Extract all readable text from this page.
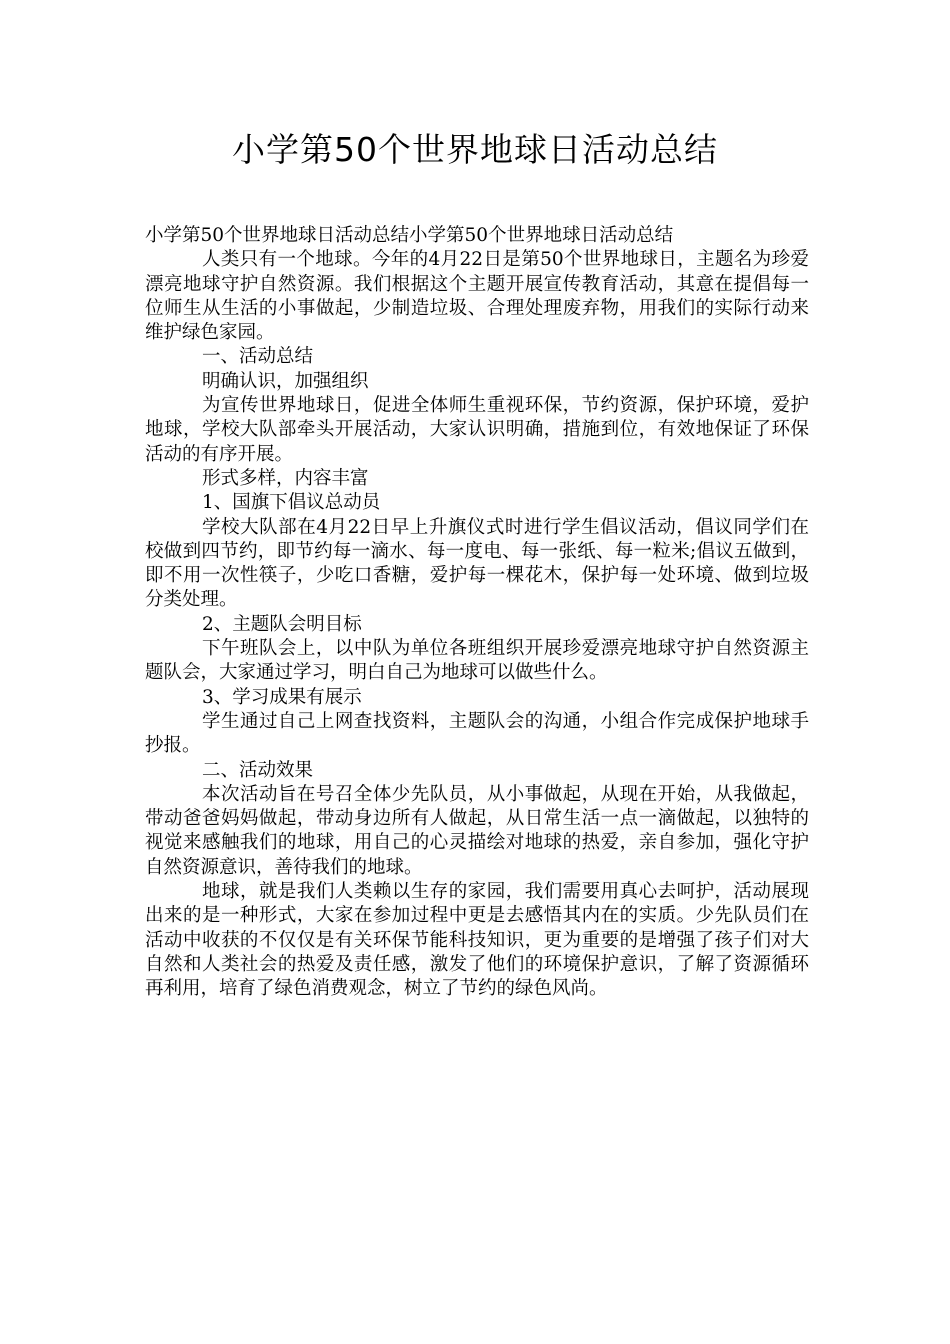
小学第50个世界地球日活动总结

小学第50个世界地球日活动总结小学第50个世界地球日活动总结

人类只有一个地球。今年的4月22日是第50个世界地球日，主题名为珍爱漂亮地球守护自然资源。我们根据这个主题开展宣传教育活动，其意在提倡每一位师生从生活的小事做起，少制造垃圾、合理处理废弃物，用我们的实际行动来维护绿色家园。

一、活动总结

明确认识，加强组织

为宣传世界地球日，促进全体师生重视环保，节约资源，保护环境，爱护地球，学校大队部牵头开展活动，大家认识明确，措施到位，有效地保证了环保活动的有序开展。

形式多样，内容丰富

1、国旗下倡议总动员

学校大队部在4月22日早上升旗仪式时进行学生倡议活动，倡议同学们在校做到四节约，即节约每一滴水、每一度电、每一张纸、每一粒米;倡议五做到，即不用一次性筷子，少吃口香糖，爱护每一棵花木，保护每一处环境、做到垃圾分类处理。

2、主题队会明目标

下午班队会上，以中队为单位各班组织开展珍爱漂亮地球守护自然资源主题队会，大家通过学习，明白自己为地球可以做些什么。

3、学习成果有展示

学生通过自己上网查找资料，主题队会的沟通，小组合作完成保护地球手抄报。

二、活动效果

本次活动旨在号召全体少先队员，从小事做起，从现在开始，从我做起，带动爸爸妈妈做起，带动身边所有人做起，从日常生活一点一滴做起，以独特的视觉来感触我们的地球，用自己的心灵描绘对地球的热爱，亲自参加，强化守护自然资源意识，善待我们的地球。

地球，就是我们人类赖以生存的家园，我们需要用真心去呵护，活动展现出来的是一种形式，大家在参加过程中更是去感悟其内在的实质。少先队员们在活动中收获的不仅仅是有关环保节能科技知识，更为重要的是增强了孩子们对大自然和人类社会的热爱及责任感，激发了他们的环境保护意识，了解了资源循环再利用，培育了绿色消费观念，树立了节约的绿色风尚。
